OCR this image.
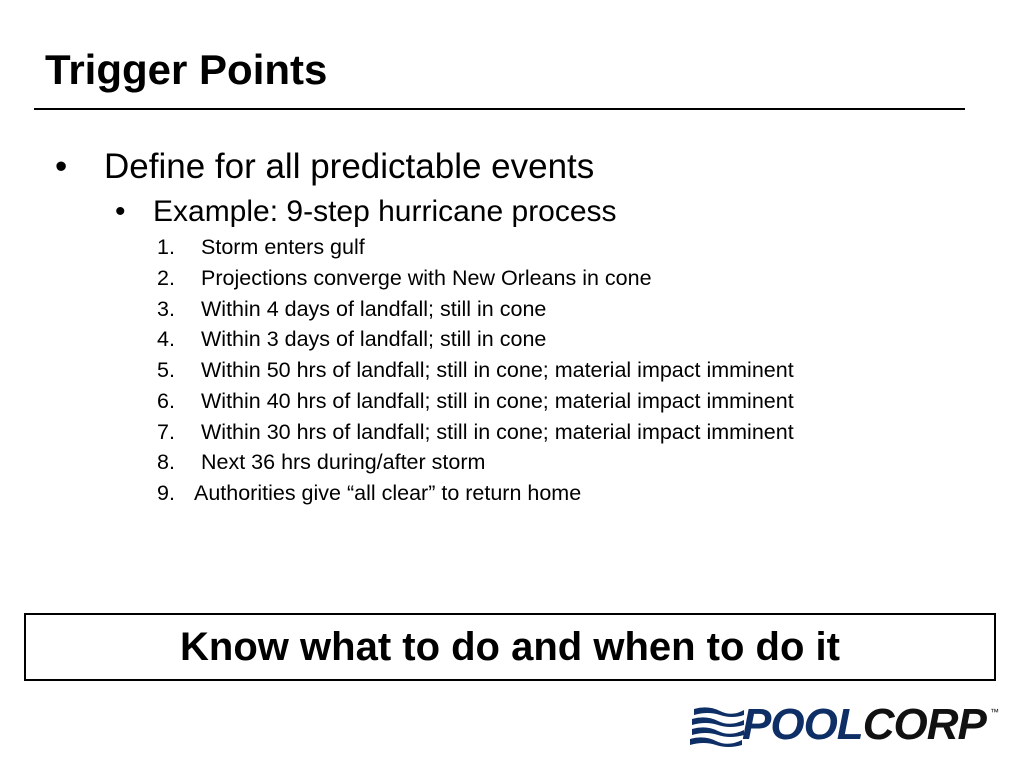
Trigger Points
• Define for all predictable events
• Example: 9-step hurricane process
1. Storm enters gulf
2. Projections converge with New Orleans in cone
3. Within 4 days of landfall; still in cone
4. Within 3 days of landfall; still in cone
5. Within 50 hrs of landfall; still in cone; material impact imminent
6. Within 40 hrs of landfall; still in cone; material impact imminent
7. Within 30 hrs of landfall; still in cone; material impact imminent
8. Next 36 hrs during/after storm
9. Authorities give “all clear” to return home
Know what to do and when to do it
POOLCORP ™
